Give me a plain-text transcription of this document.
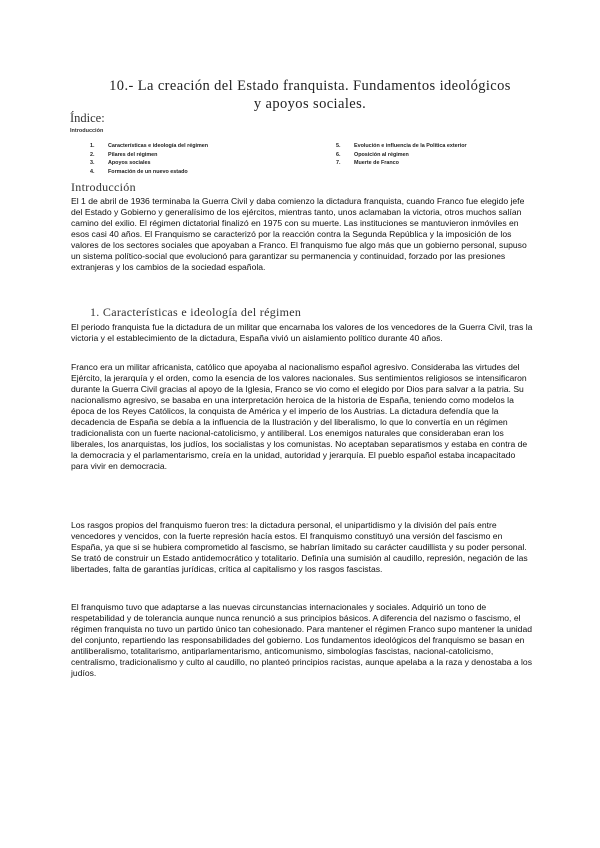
10.- La creación del Estado franquista. Fundamentos ideológicos
y apoyos sociales.
Índice:
Introducción
1.	Características e ideología del régimen
2.	Pilares del régimen
3.	Apoyos sociales
4.	Formación de un nuevo estado
5.	Evolución e influencia de la Política exterior
6.	Oposición al régimen
7.	Muerte de Franco
Introducción

El 1 de abril de 1936 terminaba la Guerra Civil y daba comienzo la dictadura franquista, cuando Franco fue elegido jefe del Estado y Gobierno y generalísimo de los ejércitos, mientras tanto, unos aclamaban la victoria, otros muchos salían camino del exilio. El régimen dictatorial finalizó en 1975 con su muerte. Las instituciones se mantuvieron inmóviles en esos casi 40 años. El Franquismo se caracterizó por la reacción contra la Segunda República y la imposición de los valores de los sectores sociales que apoyaban a Franco. El franquismo fue algo más que un gobierno personal, supuso un sistema político-social que evolucionó para garantizar su permanencia y continuidad, forzado por las presiones extranjeras y los cambios de la sociedad española.

1. Características e ideología del régimen

El periodo franquista fue la dictadura de un militar que encarnaba los valores de los vencedores de la Guerra Civil, tras la victoria y el establecimiento de la dictadura, España vivió un aislamiento político durante 40 años.

Franco era un militar africanista, católico que apoyaba al nacionalismo español agresivo. Consideraba las virtudes del Ejército, la jerarquía y el orden, como la esencia de los valores nacionales. Sus sentimientos religiosos se intensificaron durante la Guerra Civil gracias al apoyo de la Iglesia, Franco se vio como el elegido por Dios para salvar a la patria. Su nacionalismo agresivo, se basaba en una interpretación heroica de la historia de España, teniendo como modelos la época de los Reyes Católicos, la conquista de América y el imperio de los Austrias. La dictadura defendía que la decadencia de España se debía a la influencia de la Ilustración y del liberalismo, lo que lo convertía en un régimen tradicionalista con un fuerte nacional-catolicismo, y antiliberal. Los enemigos naturales que consideraban eran los liberales, los anarquistas, los judíos, los socialistas y los comunistas. No aceptaban separatismos y estaba en contra de la democracia y el parlamentarismo, creía en la unidad, autoridad y jerarquía. El pueblo español estaba incapacitado para vivir en democracia.

Los rasgos propios del franquismo fueron tres: la dictadura personal, el unipartidismo y la división del país entre vencedores y vencidos, con la fuerte represión hacía estos. El franquismo constituyó una versión del fascismo en España, ya que si se hubiera comprometido al fascismo, se habrían limitado su carácter caudillista y su poder personal. Se trató de construir un Estado antidemocrático y totalitario. Definía una sumisión al caudillo, represión, negación de las libertades, falta de garantías jurídicas, crítica al capitalismo y los rasgos fascistas.

El franquismo tuvo que adaptarse a las nuevas circunstancias internacionales y sociales. Adquirió un tono de respetabilidad y de tolerancia aunque nunca renunció a sus principios básicos. A diferencia del nazismo o fascismo, el régimen franquista no tuvo un partido único tan cohesionado. Para mantener el régimen Franco supo mantener la unidad del conjunto, repartiendo las responsabilidades del gobierno. Los fundamentos ideológicos del franquismo se basan en antiliberalismo, totalitarismo, antiparlamentarismo, anticomunismo, simbologías fascistas, nacional-catolicismo, centralismo, tradicionalismo y culto al caudillo, no planteó principios racistas, aunque apelaba a la raza y denostaba a los judíos.
